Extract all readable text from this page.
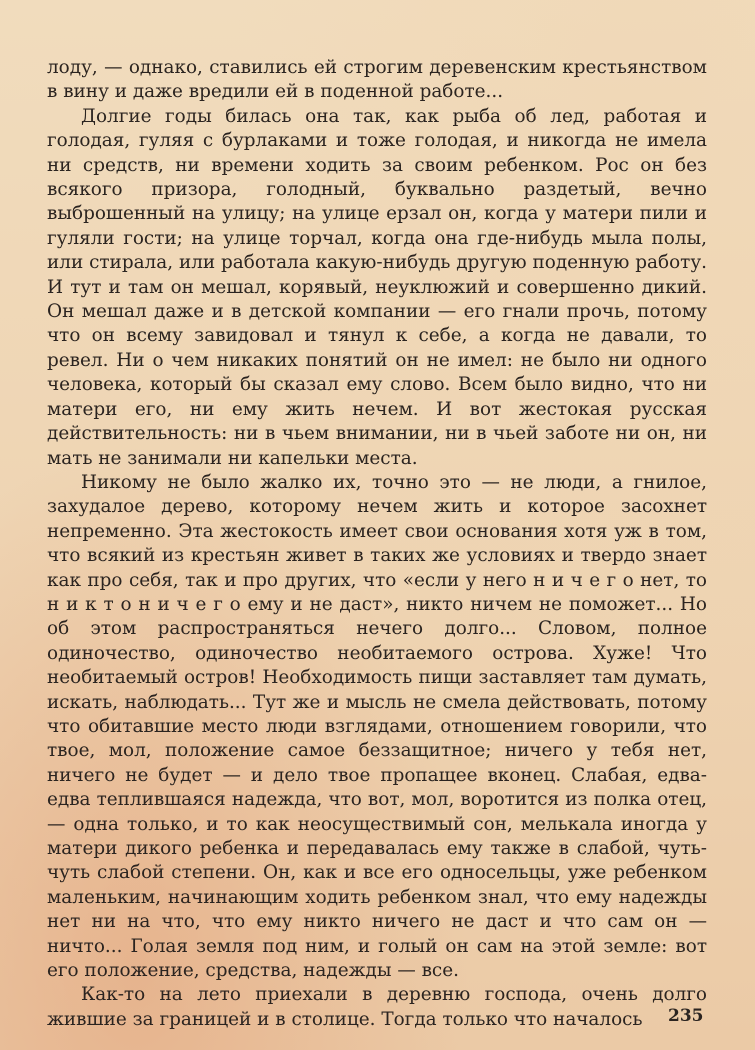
лоду, — однако, ставились ей строгим деревенским крестьянством в вину и даже вредили ей в поденной работе...

Долгие годы билась она так, как рыба об лед, работая и голодая, гуляя с бурлаками и тоже голодая, и никогда не имела ни средств, ни времени ходить за своим ребенком. Рос он без всякого призора, голодный, буквально раздетый, вечно выброшенный на улицу; на улице ерзал он, когда у матери пили и гуляли гости; на улице торчал, когда она где-нибудь мыла полы, или стирала, или работала какую-нибудь другую поденную работу. И тут и там он мешал, корявый, неуклюжий и совершенно дикий. Он мешал даже и в детской компании — его гнали прочь, потому что он всему завидовал и тянул к себе, а когда не давали, то ревел. Ни о чем никаких понятий он не имел: не было ни одного человека, который бы сказал ему слово. Всем было видно, что ни матери его, ни ему жить нечем. И вот жестокая русская действительность: ни в чьем внимании, ни в чьей заботе ни он, ни мать не занимали ни капельки места.

Никому не было жалко их, точно это — не люди, а гнилое, захудалое дерево, которому нечем жить и которое засохнет непременно. Эта жестокость имеет свои основания хотя уж в том, что всякий из крестьян живет в таких же условиях и твердо знает как про себя, так и про других, что «если у него н и ч е г о нет, то н и к т о н и ч е г о ему и не даст», никто ничем не поможет... Но об этом распространяться нечего долго... Словом, полное одиночество, одиночество необитаемого острова. Хуже! Что необитаемый остров! Необходимость пищи заставляет там думать, искать, наблюдать... Тут же и мысль не смела действовать, потому что обитавшие место люди взглядами, отношением говорили, что твое, мол, положение самое беззащитное; ничего у тебя нет, ничего не будет — и дело твое пропащее вконец. Слабая, едва-едва теплившаяся надежда, что вот, мол, воротится из полка отец, — одна только, и то как неосуществимый сон, мелькала иногда у матери дикого ребенка и передавалась ему также в слабой, чуть-чуть слабой степени. Он, как и все его односельцы, уже ребенком маленьким, начинающим ходить ребенком знал, что ему надежды нет ни на что, что ему никто ничего не даст и что сам он — ничто... Голая земля под ним, и голый он сам на этой земле: вот его положение, средства, надежды — все.

Как-то на лето приехали в деревню господа, очень долго жившие за границей и в столице. Тогда только что началось	235
